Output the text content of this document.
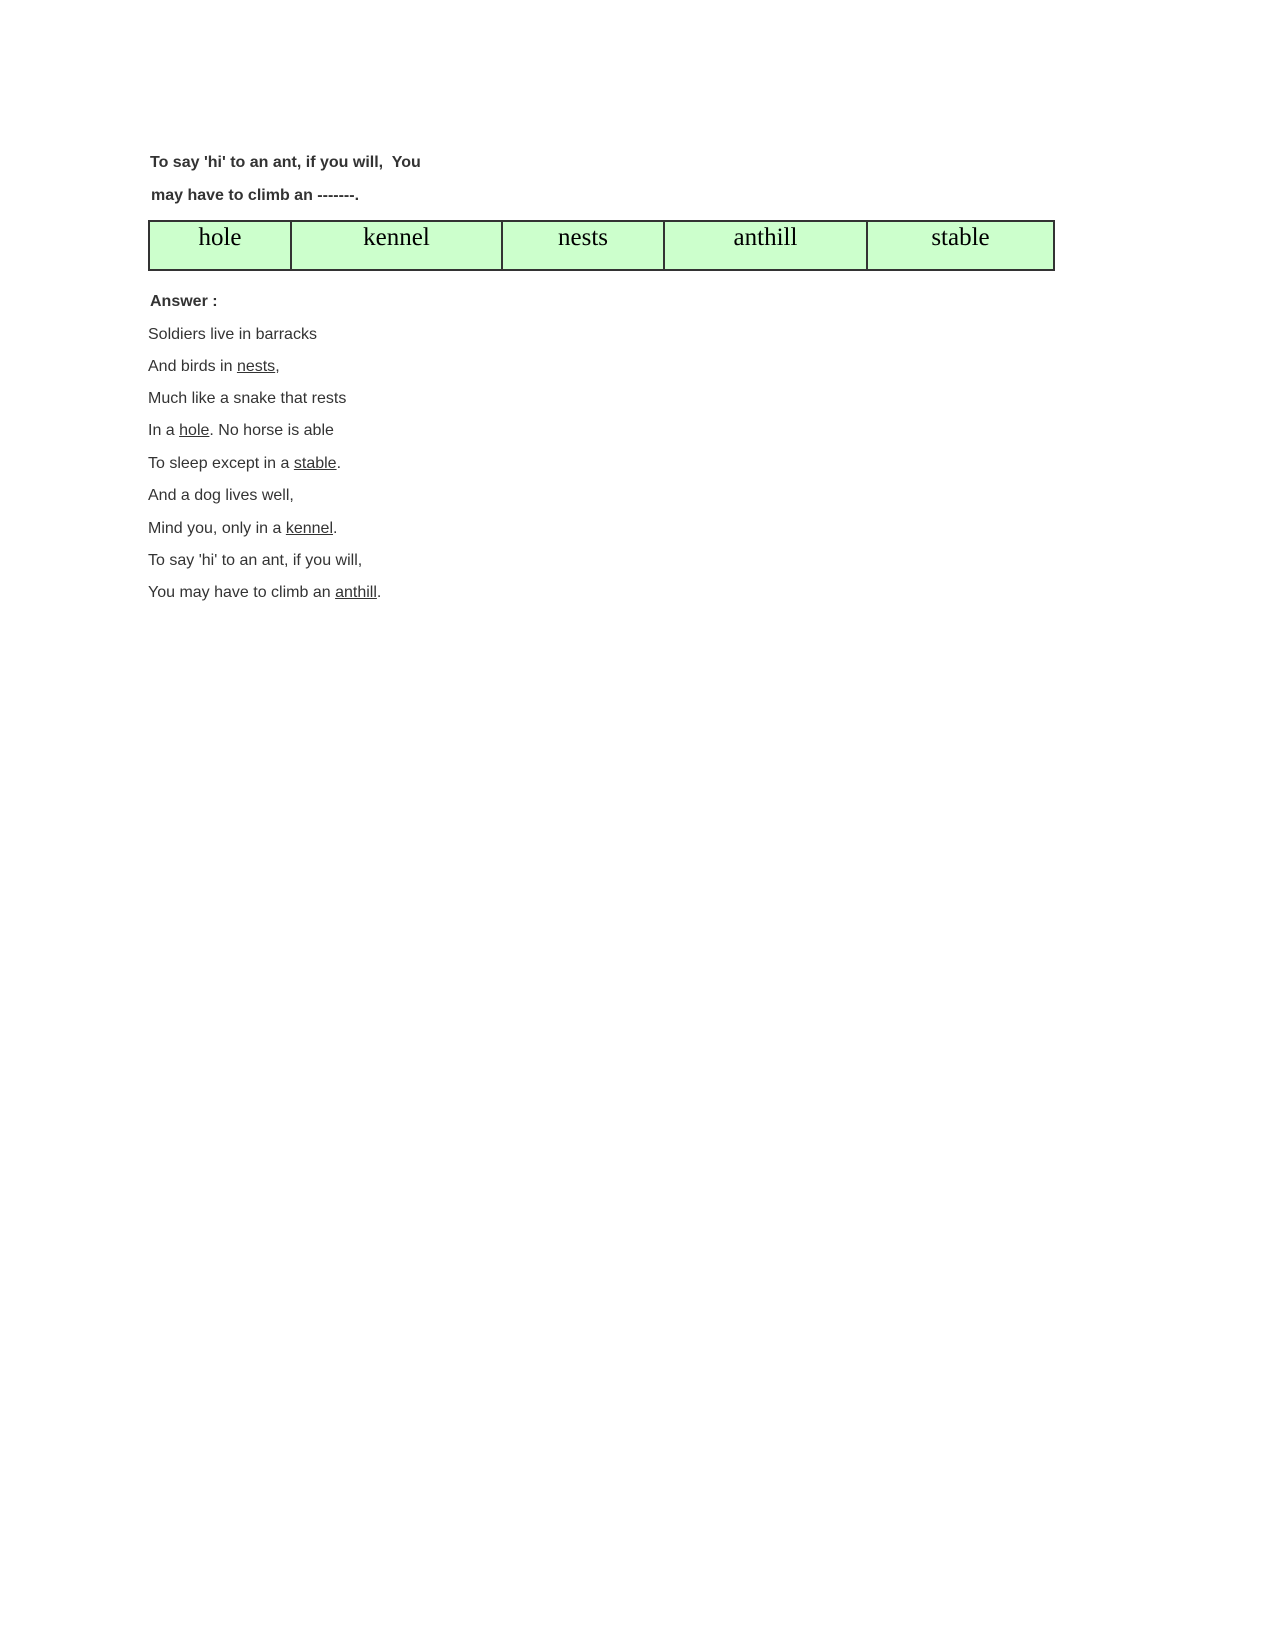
To say 'hi' to an ant, if you will,  You
may have to climb an -------.
hole	kennel	nests	anthill	stable
Answer :
Soldiers live in barracks
And birds in nests,
Much like a snake that rests
In a hole. No horse is able
To sleep except in a stable.
And a dog lives well,
Mind you, only in a kennel.
To say 'hi' to an ant, if you will,
You may have to climb an anthill.
